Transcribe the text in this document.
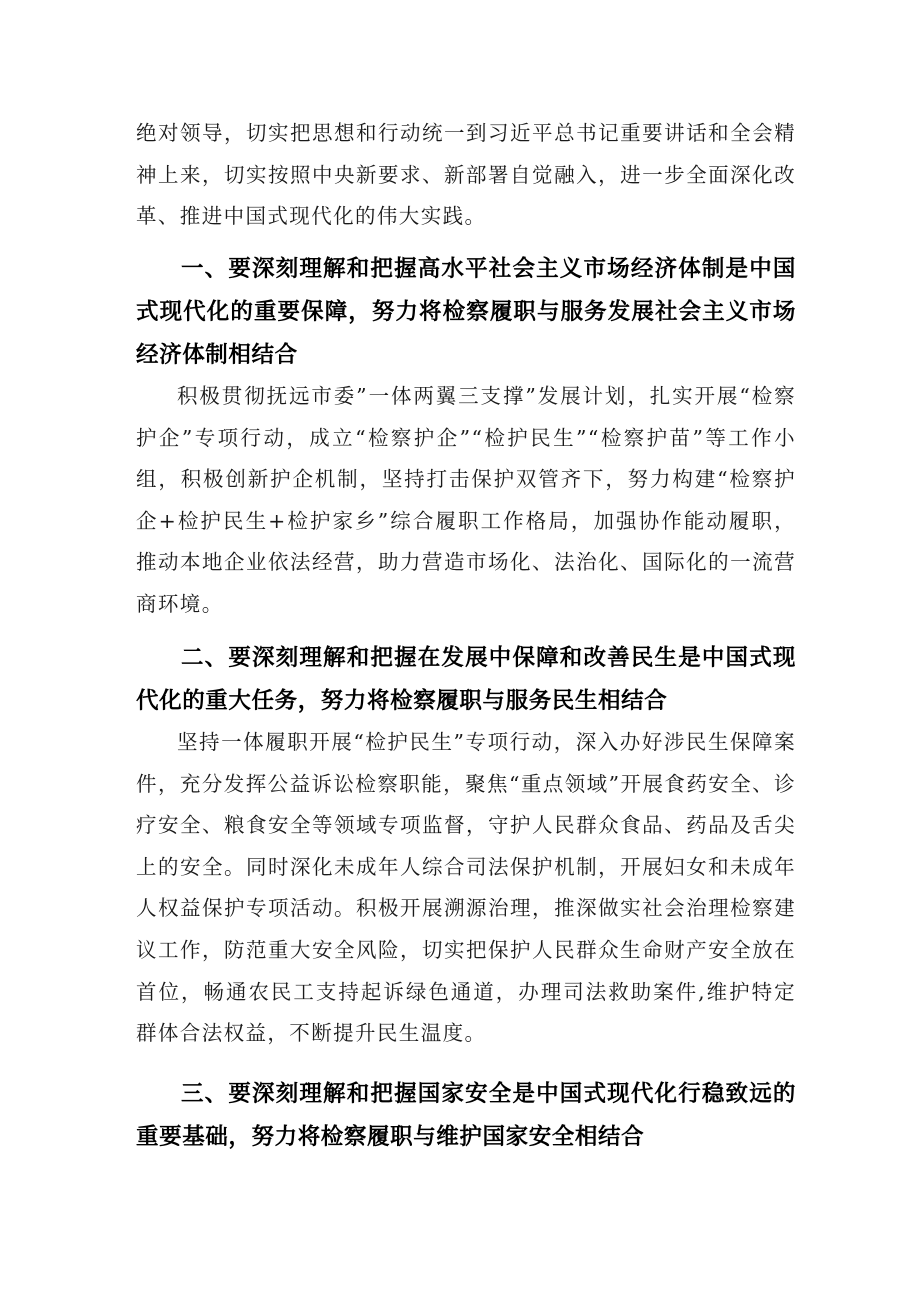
绝对领导，切实把思想和行动统一到习近平总书记重要讲话和全会精神上来，切实按照中央新要求、新部署自觉融入，进一步全面深化改革、推进中国式现代化的伟大实践。

一、要深刻理解和把握高水平社会主义市场经济体制是中国式现代化的重要保障，努力将检察履职与服务发展社会主义市场经济体制相结合

积极贯彻抚远市委”一体两翼三支撑”发展计划，扎实开展“检察护企”专项行动，成立“检察护企”“检护民生”“检察护苗”等工作小组，积极创新护企机制，坚持打击保护双管齐下，努力构建“检察护企+检护民生+检护家乡”综合履职工作格局，加强协作能动履职，推动本地企业依法经营，助力营造市场化、法治化、国际化的一流营商环境。

二、要深刻理解和把握在发展中保障和改善民生是中国式现代化的重大任务，努力将检察履职与服务民生相结合

坚持一体履职开展“检护民生”专项行动，深入办好涉民生保障案件，充分发挥公益诉讼检察职能，聚焦“重点领域”开展食药安全、诊疗安全、粮食安全等领域专项监督，守护人民群众食品、药品及舌尖上的安全。同时深化未成年人综合司法保护机制，开展妇女和未成年人权益保护专项活动。积极开展溯源治理，推深做实社会治理检察建议工作，防范重大安全风险，切实把保护人民群众生命财产安全放在首位，畅通农民工支持起诉绿色通道，办理司法救助案件,维护特定群体合法权益，不断提升民生温度。

三、要深刻理解和把握国家安全是中国式现代化行稳致远的重要基础，努力将检察履职与维护国家安全相结合
